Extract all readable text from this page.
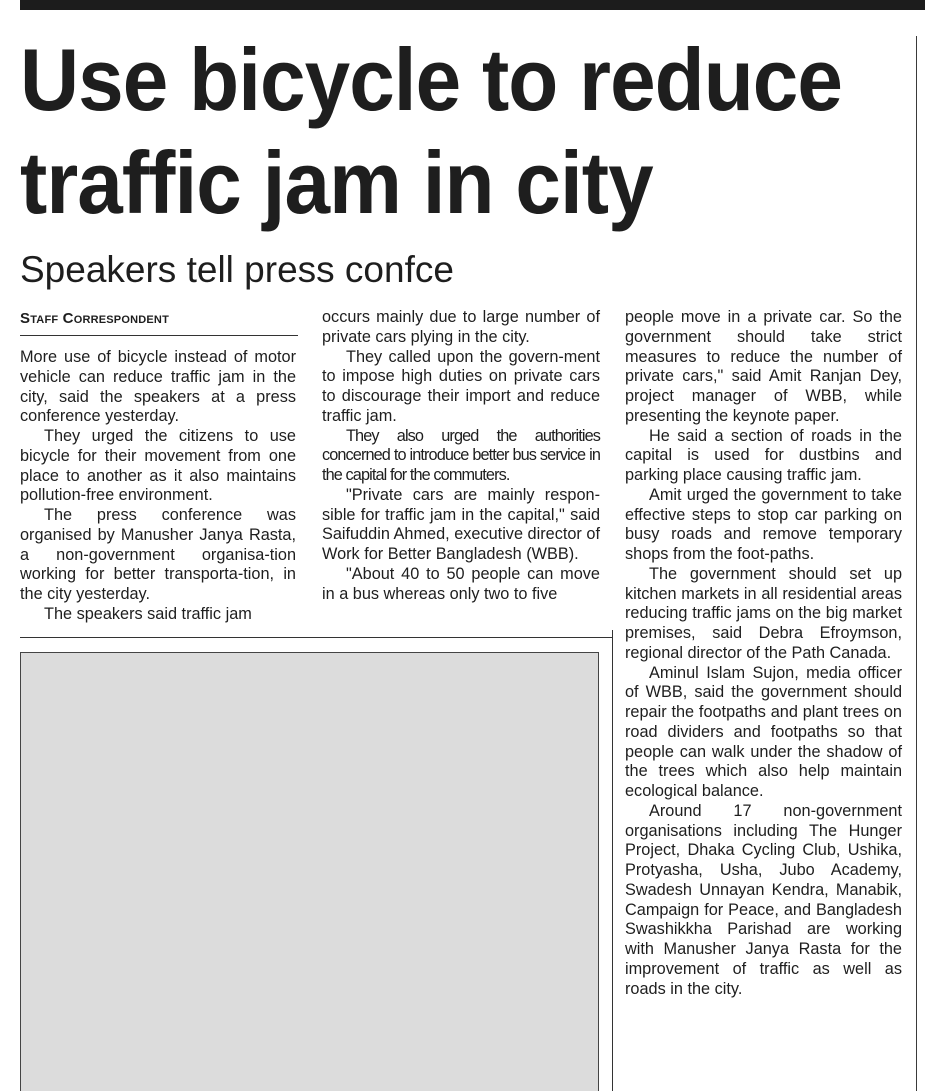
Use bicycle to reduce
traffic jam in city
Speakers tell press confce
Staff Correspondent

More use of bicycle instead of motor vehicle can reduce traffic jam in the city, said the speakers at a press conference yesterday.

They urged the citizens to use bicycle for their movement from one place to another as it also maintains pollution-free environment.

The press conference was organised by Manusher Janya Rasta, a non-government organisa-tion working for better transporta-tion, in the city yesterday.

The speakers said traffic jam

occurs mainly due to large number of private cars plying in the city.

They called upon the govern-ment to impose high duties on private cars to discourage their import and reduce traffic jam.

They also urged the authorities concerned to introduce better bus service in the capital for the commuters.

"Private cars are mainly respon-sible for traffic jam in the capital," said Saifuddin Ahmed, executive director of Work for Better Bangladesh (WBB).

"About 40 to 50 people can move in a bus whereas only two to five

people move in a private car. So the government should take strict measures to reduce the number of private cars," said Amit Ranjan Dey, project manager of WBB, while presenting the keynote paper.

He said a section of roads in the capital is used for dustbins and parking place causing traffic jam.

Amit urged the government to take effective steps to stop car parking on busy roads and remove temporary shops from the foot-paths.

The government should set up kitchen markets in all residential areas reducing traffic jams on the big market premises, said Debra Efroymson, regional director of the Path Canada.

Aminul Islam Sujon, media officer of WBB, said the government should repair the footpaths and plant trees on road dividers and footpaths so that people can walk under the shadow of the trees which also help maintain ecological balance.

Around 17 non-government organisations including The Hunger Project, Dhaka Cycling Club, Ushika, Protyasha, Usha, Jubo Academy, Swadesh Unnayan Kendra, Manabik, Campaign for Peace, and Bangladesh Swashikkha Parishad are working with Manusher Janya Rasta for the improvement of traffic as well as roads in the city.
